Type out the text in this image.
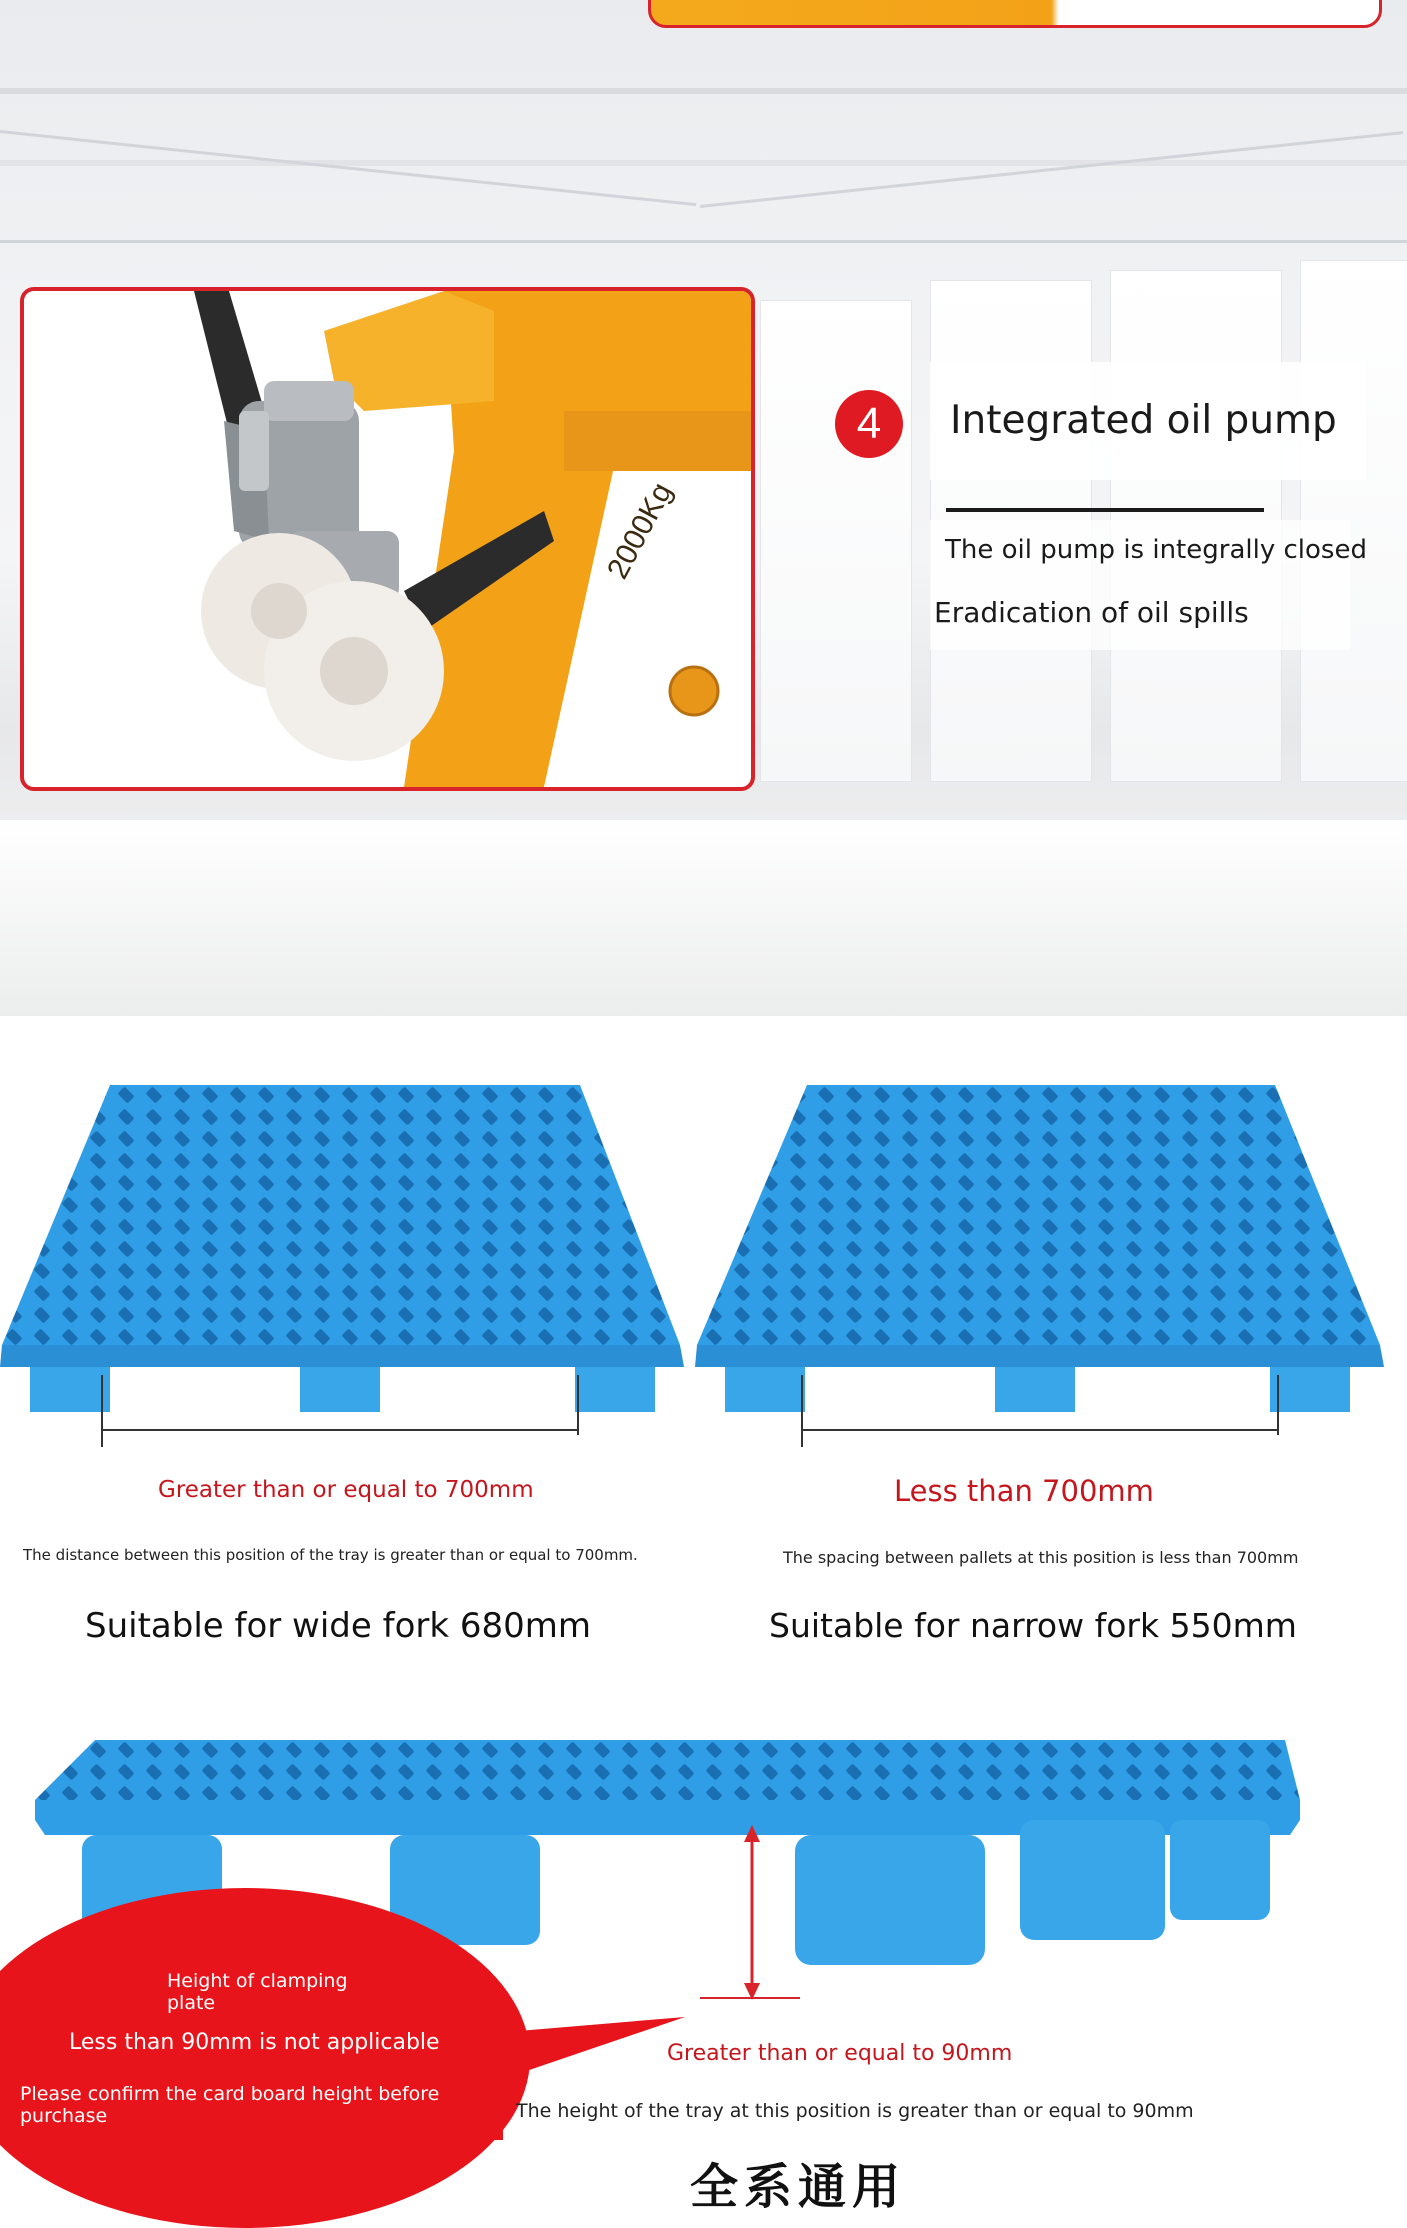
2000Kg
4	Integrated oil pump
The oil pump is integrally closed
Eradication of oil spills
Greater than or equal to 700mm
The distance between this position of the tray is greater than or equal to 700mm.
Suitable for wide fork 680mm
Less than 700mm
The spacing between pallets at this position is less than 700mm
Suitable for narrow fork 550mm
Height of clamping plate
Less than 90mm is not applicable
Please confirm the card board height before purchase
Greater than or equal to 90mm
The height of the tray at this position is greater than or equal to 90mm
全系通用
